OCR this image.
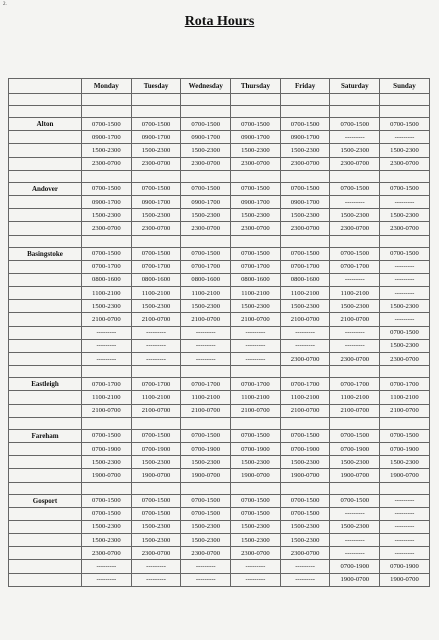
2.
Rota Hours
	Monday	Tuesday	Wednesday	Thursday	Friday	Saturday	Sunday

Alton	0700-1500	0700-1500	0700-1500	0700-1500	0700-1500	0700-1500	0700-1500
	0900-1700	0900-1700	0900-1700	0900-1700	0900-1700	---------	---------
	1500-2300	1500-2300	1500-2300	1500-2300	1500-2300	1500-2300	1500-2300
	2300-0700	2300-0700	2300-0700	2300-0700	2300-0700	2300-0700	2300-0700

Andover	0700-1500	0700-1500	0700-1500	0700-1500	0700-1500	0700-1500	0700-1500
	0900-1700	0900-1700	0900-1700	0900-1700	0900-1700	---------	---------
	1500-2300	1500-2300	1500-2300	1500-2300	1500-2300	1500-2300	1500-2300
	2300-0700	2300-0700	2300-0700	2300-0700	2300-0700	2300-0700	2300-0700

Basingstoke	0700-1500	0700-1500	0700-1500	0700-1500	0700-1500	0700-1500	0700-1500
	0700-1700	0700-1700	0700-1700	0700-1700	0700-1700	0700-1700	---------
	0800-1600	0800-1600	0800-1600	0800-1600	0800-1600	---------	---------
	1100-2100	1100-2100	1100-2100	1100-2100	1100-2100	1100-2100	---------
	1500-2300	1500-2300	1500-2300	1500-2300	1500-2300	1500-2300	1500-2300
	2100-0700	2100-0700	2100-0700	2100-0700	2100-0700	2100-0700	---------
	---------	---------	---------	---------	---------	---------	0700-1500
	---------	---------	---------	---------	---------	---------	1500-2300
	---------	---------	---------	---------	2300-0700	2300-0700	2300-0700

Eastleigh	0700-1700	0700-1700	0700-1700	0700-1700	0700-1700	0700-1700	0700-1700
	1100-2100	1100-2100	1100-2100	1100-2100	1100-2100	1100-2100	1100-2100
	2100-0700	2100-0700	2100-0700	2100-0700	2100-0700	2100-0700	2100-0700

Fareham	0700-1500	0700-1500	0700-1500	0700-1500	0700-1500	0700-1500	0700-1500
	0700-1900	0700-1900	0700-1900	0700-1900	0700-1900	0700-1900	0700-1900
	1500-2300	1500-2300	1500-2300	1500-2300	1500-2300	1500-2300	1500-2300
	1900-0700	1900-0700	1900-0700	1900-0700	1900-0700	1900-0700	1900-0700

Gosport	0700-1500	0700-1500	0700-1500	0700-1500	0700-1500	0700-1500	---------
	0700-1500	0700-1500	0700-1500	0700-1500	0700-1500	---------	---------
	1500-2300	1500-2300	1500-2300	1500-2300	1500-2300	1500-2300	---------
	1500-2300	1500-2300	1500-2300	1500-2300	1500-2300	---------	---------
	2300-0700	2300-0700	2300-0700	2300-0700	2300-0700	---------	---------
	---------	---------	---------	---------	---------	0700-1900	0700-1900
	---------	---------	---------	---------	---------	1900-0700	1900-0700
